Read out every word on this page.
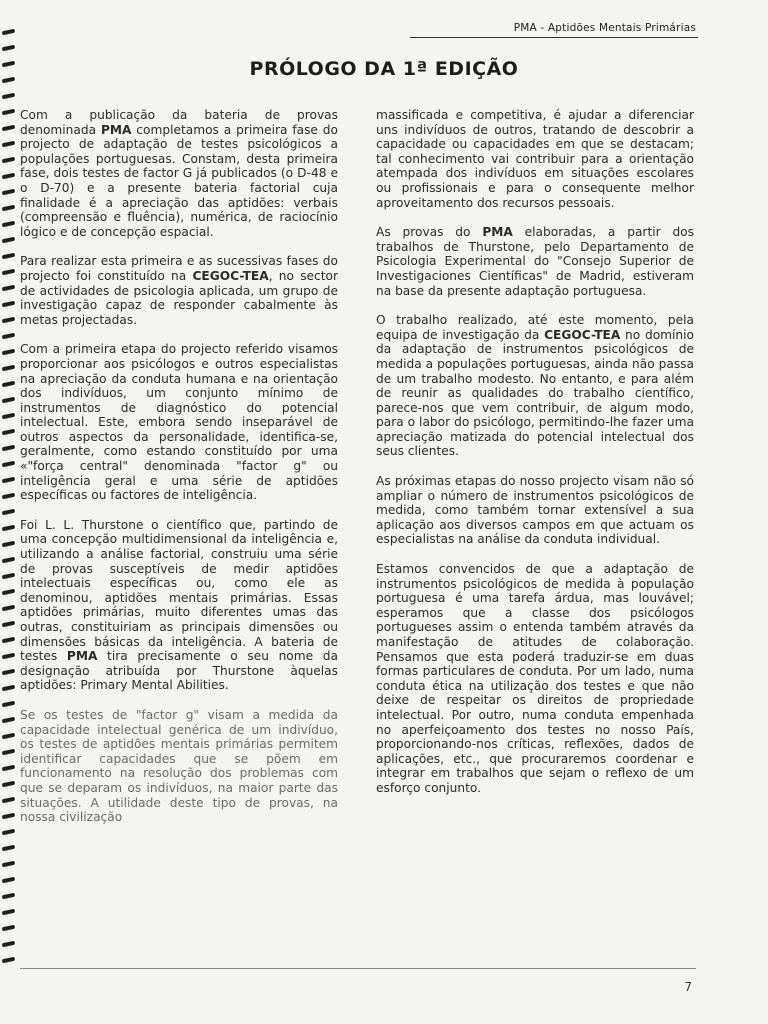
PMA - Aptidões Mentais Primárias
PRÓLOGO DA 1ª EDIÇÃO

Com a publicação da bateria de provas denominada PMA completamos a primeira fase do projecto de adaptação de testes psicológicos a populações portuguesas. Constam, desta primeira fase, dois testes de factor G já publicados (o D-48 e o D-70) e a presente bateria factorial cuja finalidade é a apreciação das aptidões: verbais (compreensão e fluência), numérica, de raciocínio lógico e de concepção espacial.

Para realizar esta primeira e as sucessivas fases do projecto foi constituído na CEGOC-TEA, no sector de actividades de psicologia aplicada, um grupo de investigação capaz de responder cabalmente às metas projectadas.

Com a primeira etapa do projecto referido visamos proporcionar aos psicólogos e outros especialistas na apreciação da conduta humana e na orientação dos indivíduos, um conjunto mínimo de instrumentos de diagnóstico do potencial intelectual. Este, embora sendo inseparável de outros aspectos da personalidade, identifica-se, geralmente, como estando constituído por uma «"força central" denominada "factor g" ou inteligência geral e uma série de aptidões específicas ou factores de inteligência.

Foi L. L. Thurstone o científico que, partindo de uma concepção multidimensional da inteligência e, utilizando a análise factorial, construiu uma série de provas susceptíveis de medir aptidões intelectuais específicas ou, como ele as denominou, aptidões mentais primárias. Essas aptidões primárias, muito diferentes umas das outras, constituiriam as principais dimensões ou dimensões básicas da inteligência. A bateria de testes PMA tira precisamente o seu nome da designação atribuída por Thurstone àquelas aptidões: Primary Mental Abilities.

Se os testes de "factor g" visam a medida da capacidade intelectual genérica de um indivíduo, os testes de aptidões mentais primárias permitem identificar capacidades que se põem em funcionamento na resolução dos problemas com que se deparam os indivíduos, na maior parte das situações. A utilidade deste tipo de provas, na nossa civilização

massificada e competitiva, é ajudar a diferenciar uns indivíduos de outros, tratando de descobrir a capacidade ou capacidades em que se destacam; tal conhecimento vai contribuir para a orientação atempada dos indivíduos em situações escolares ou profissionais e para o consequente melhor aproveitamento dos recursos pessoais.

As provas do PMA elaboradas, a partir dos trabalhos de Thurstone, pelo Departamento de Psicologia Experimental do "Consejo Superior de Investigaciones Científicas" de Madrid, estiveram na base da presente adaptação portuguesa.

O trabalho realizado, até este momento, pela equipa de investigação da CEGOC-TEA no domínio da adaptação de instrumentos psicológicos de medida a populações portuguesas, ainda não passa de um trabalho modesto. No entanto, e para além de reunir as qualidades do trabalho científico, parece-nos que vem contribuir, de algum modo, para o labor do psicólogo, permitindo-lhe fazer uma apreciação matizada do potencial intelectual dos seus clientes.

As próximas etapas do nosso projecto visam não só ampliar o número de instrumentos psicológicos de medida, como também tornar extensível a sua aplicação aos diversos campos em que actuam os especialistas na análise da conduta individual.

Estamos convencidos de que a adaptação de instrumentos psicológicos de medida à população portuguesa é uma tarefa árdua, mas louvável; esperamos que a classe dos psicólogos portugueses assim o entenda também através da manifestação de atitudes de colaboração. Pensamos que esta poderá traduzir-se em duas formas particulares de conduta. Por um lado, numa conduta ética na utilização dos testes e que não deixe de respeitar os direitos de propriedade intelectual. Por outro, numa conduta empenhada no aperfeiçoamento dos testes no nosso País, proporcionando-nos críticas, reflexões, dados de aplicações, etc., que procuraremos coordenar e integrar em trabalhos que sejam o reflexo de um esforço conjunto.

7
